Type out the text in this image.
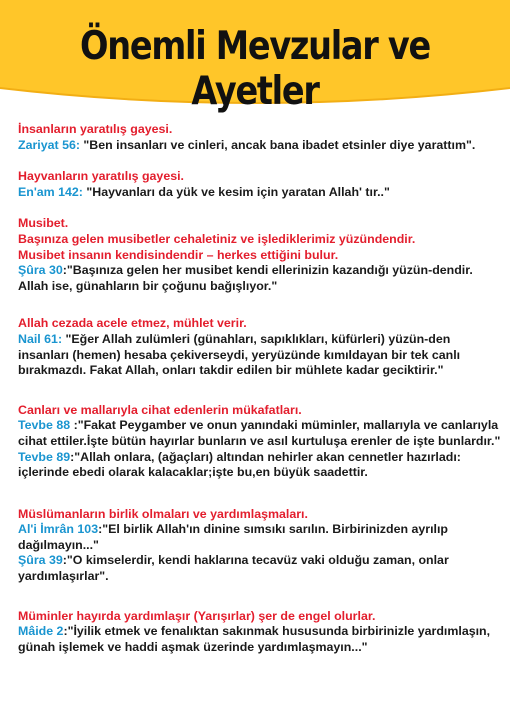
Önemli Mevzular ve Ayetler

İnsanların yaratılış gayesi.

Zariyat 56: "Ben insanları ve cinleri, ancak bana ibadet etsinler diye yarattım".

Hayvanların yaratılış gayesi.

En'am 142: "Hayvanları da yük ve kesim için yaratan Allah' tır.."

Musibet.

Başınıza gelen musibetler cehaletiniz ve işlediklerimiz yüzündendir.

Musibet insanın kendisindendir – herkes ettiğini bulur.

Şûra 30:"Başınıza gelen her musibet kendi ellerinizin kazandığı yüzün-dendir. Allah ise, günahların bir çoğunu bağışlıyor."

Allah cezada acele etmez, mühlet verir.

Nail 61: "Eğer Allah zulümleri (günahları, sapıklıkları, küfürleri) yüzün-den insanları (hemen) hesaba çekiverseydi, yeryüzünde kımıldayan bir tek canlı bırakmazdı. Fakat Allah, onları takdir edilen bir mühlete kadar geciktirir."

Canları ve mallarıyla cihat edenlerin mükafatları.

Tevbe 88 :"Fakat Peygamber ve onun yanındaki müminler, mallarıyla ve canlarıyla cihat ettiler.İşte bütün hayırlar bunların ve asıl kurtuluşa erenler de işte bunlardır."

Tevbe 89:"Allah onlara, (ağaçları) altından nehirler akan cennetler hazırladı: içlerinde ebedi olarak kalacaklar;işte bu,en büyük saadettir.

Müslümanların birlik olmaları ve yardımlaşmaları.

Al'i İmrân 103:"El birlik Allah'ın dinine sımsıkı sarılın. Birbirinizden ayrılıp dağılmayın..."

Şûra 39:"O kimselerdir, kendi haklarına tecavüz vaki olduğu zaman, onlar yardımlaşırlar".

Müminler hayırda yardımlaşır (Yarışırlar) şer de engel olurlar.

Mâide 2:"İyilik etmek ve fenalıktan sakınmak hususunda birbirinizle yardımlaşın, günah işlemek ve haddi aşmak üzerinde yardımlaşmayın..."
